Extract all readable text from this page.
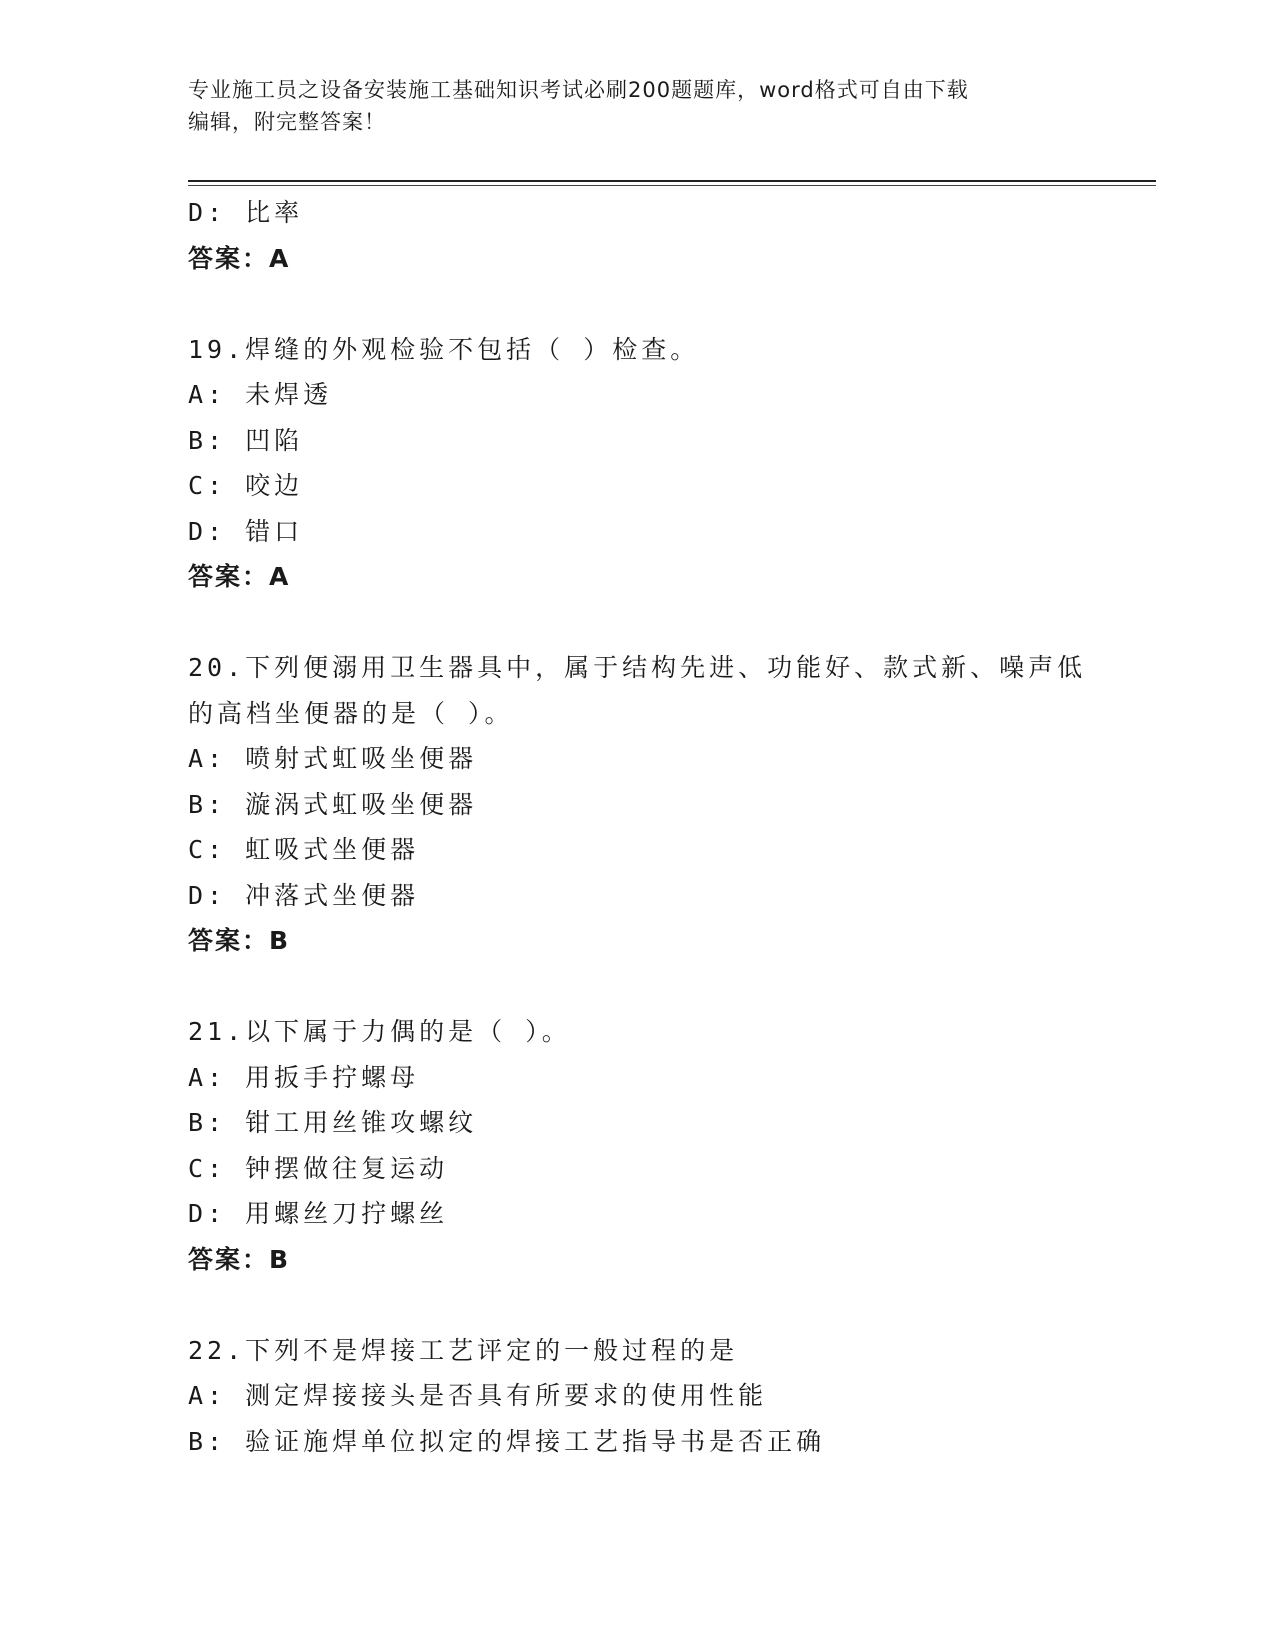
专业施工员之设备安装施工基础知识考试必刷200题题库，word格式可自由下载
编辑，附完整答案！
D: 比率
答案：A
19.焊缝的外观检验不包括（ ）检查。
A: 未焊透
B: 凹陷
C: 咬边
D: 错口
答案：A
20.下列便溺用卫生器具中，属于结构先进、功能好、款式新、噪声低
的高档坐便器的是（ ）。
A: 喷射式虹吸坐便器
B: 漩涡式虹吸坐便器
C: 虹吸式坐便器
D: 冲落式坐便器
答案：B
21.以下属于力偶的是（ ）。
A: 用扳手拧螺母
B: 钳工用丝锥攻螺纹
C: 钟摆做往复运动
D: 用螺丝刀拧螺丝
答案：B
22.下列不是焊接工艺评定的一般过程的是
A: 测定焊接接头是否具有所要求的使用性能
B: 验证施焊单位拟定的焊接工艺指导书是否正确
